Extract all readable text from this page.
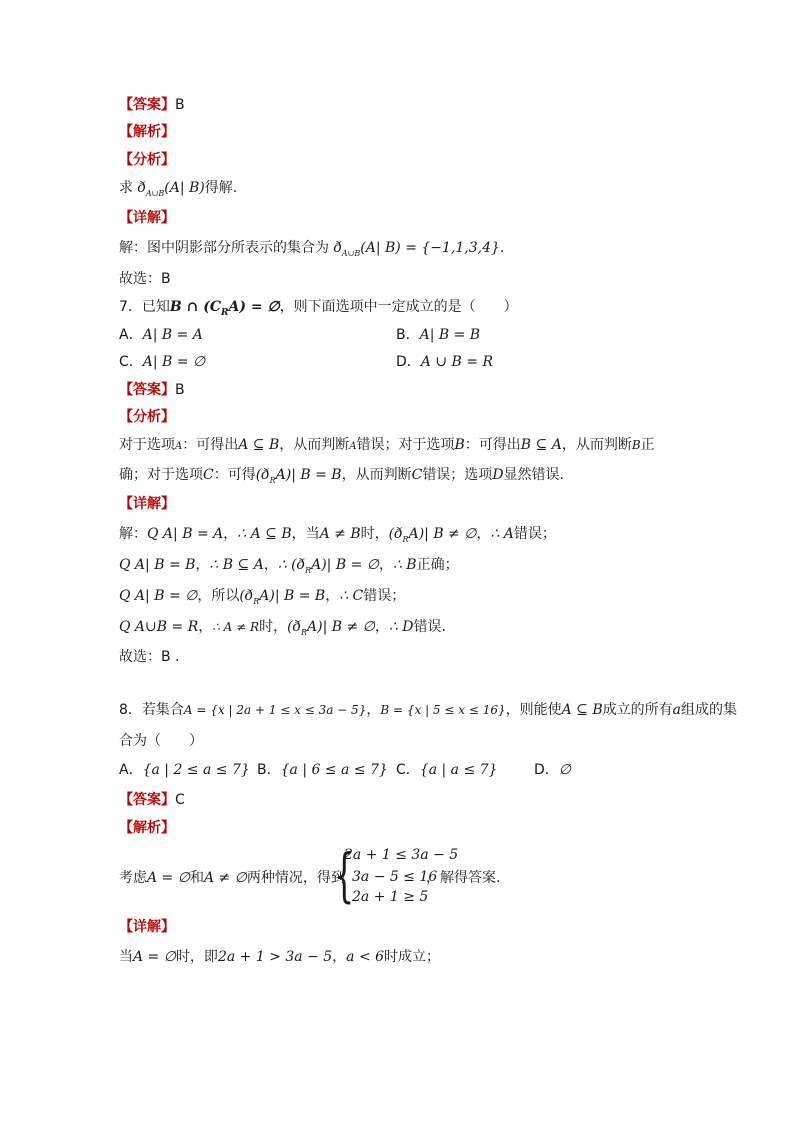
【答案】B
【解析】
【分析】
求 $ð_{A\cup B}(A|$ B)得解.
【详解】
解：图中阴影部分所表示的集合为 $ð_{A\cup B}(A|$ B) = {−1,1,3,4}.
故选：B
7．已知B ∩ $(C_RA)$ = ∅，则下面选项中一定成立的是（　　）
A．A| B = A	B．A| B = B
C．A| B = ∅	D．A ∪ B = R
【答案】B
【分析】
对于选项A：可得出A ⊆ B，从而判断A错误；对于选项B：可得出B ⊆ A，从而判断B正
确；对于选项C：可得$(ð_RA)|$ B = B，从而判断C错误；选项D显然错误.
【详解】
解：Q A| B = A，∴ A ⊆ B，当A ≠ B时，$(ð_RA)|$ B ≠ ∅，∴ A错误；
Q A| B = B，∴ B ⊆ A，∴ $(ð_RA)|$ B = ∅，∴ B正确；
Q A| B = ∅，所以$(ð_RA)|$ B = B，∴ C错误；
Q A∪B = R，∴ A ≠ R时，$(ð_RA)|$ B ≠ ∅，∴ D错误.
故选：B .
8．若集合A = {x | 2a + 1 ≤ x ≤ 3a − 5}，B = {x | 5 ≤ x ≤ 16}，则能使A ⊆ B成立的所有a组成的集
合为（　　）
A．{a | 2 ≤ a ≤ 7} B．{a | 6 ≤ a ≤ 7} C．{a | a ≤ 7}	D．∅
【答案】C
【解析】
考虑A = ∅和A ≠ ∅两种情况，得到
{
2a + 1 ≤ 3a − 5
3a − 5 ≤ 16
2a + 1 ≥ 5
，解得答案.
【详解】
当A = ∅时，即2a + 1 > 3a − 5，a < 6时成立；
